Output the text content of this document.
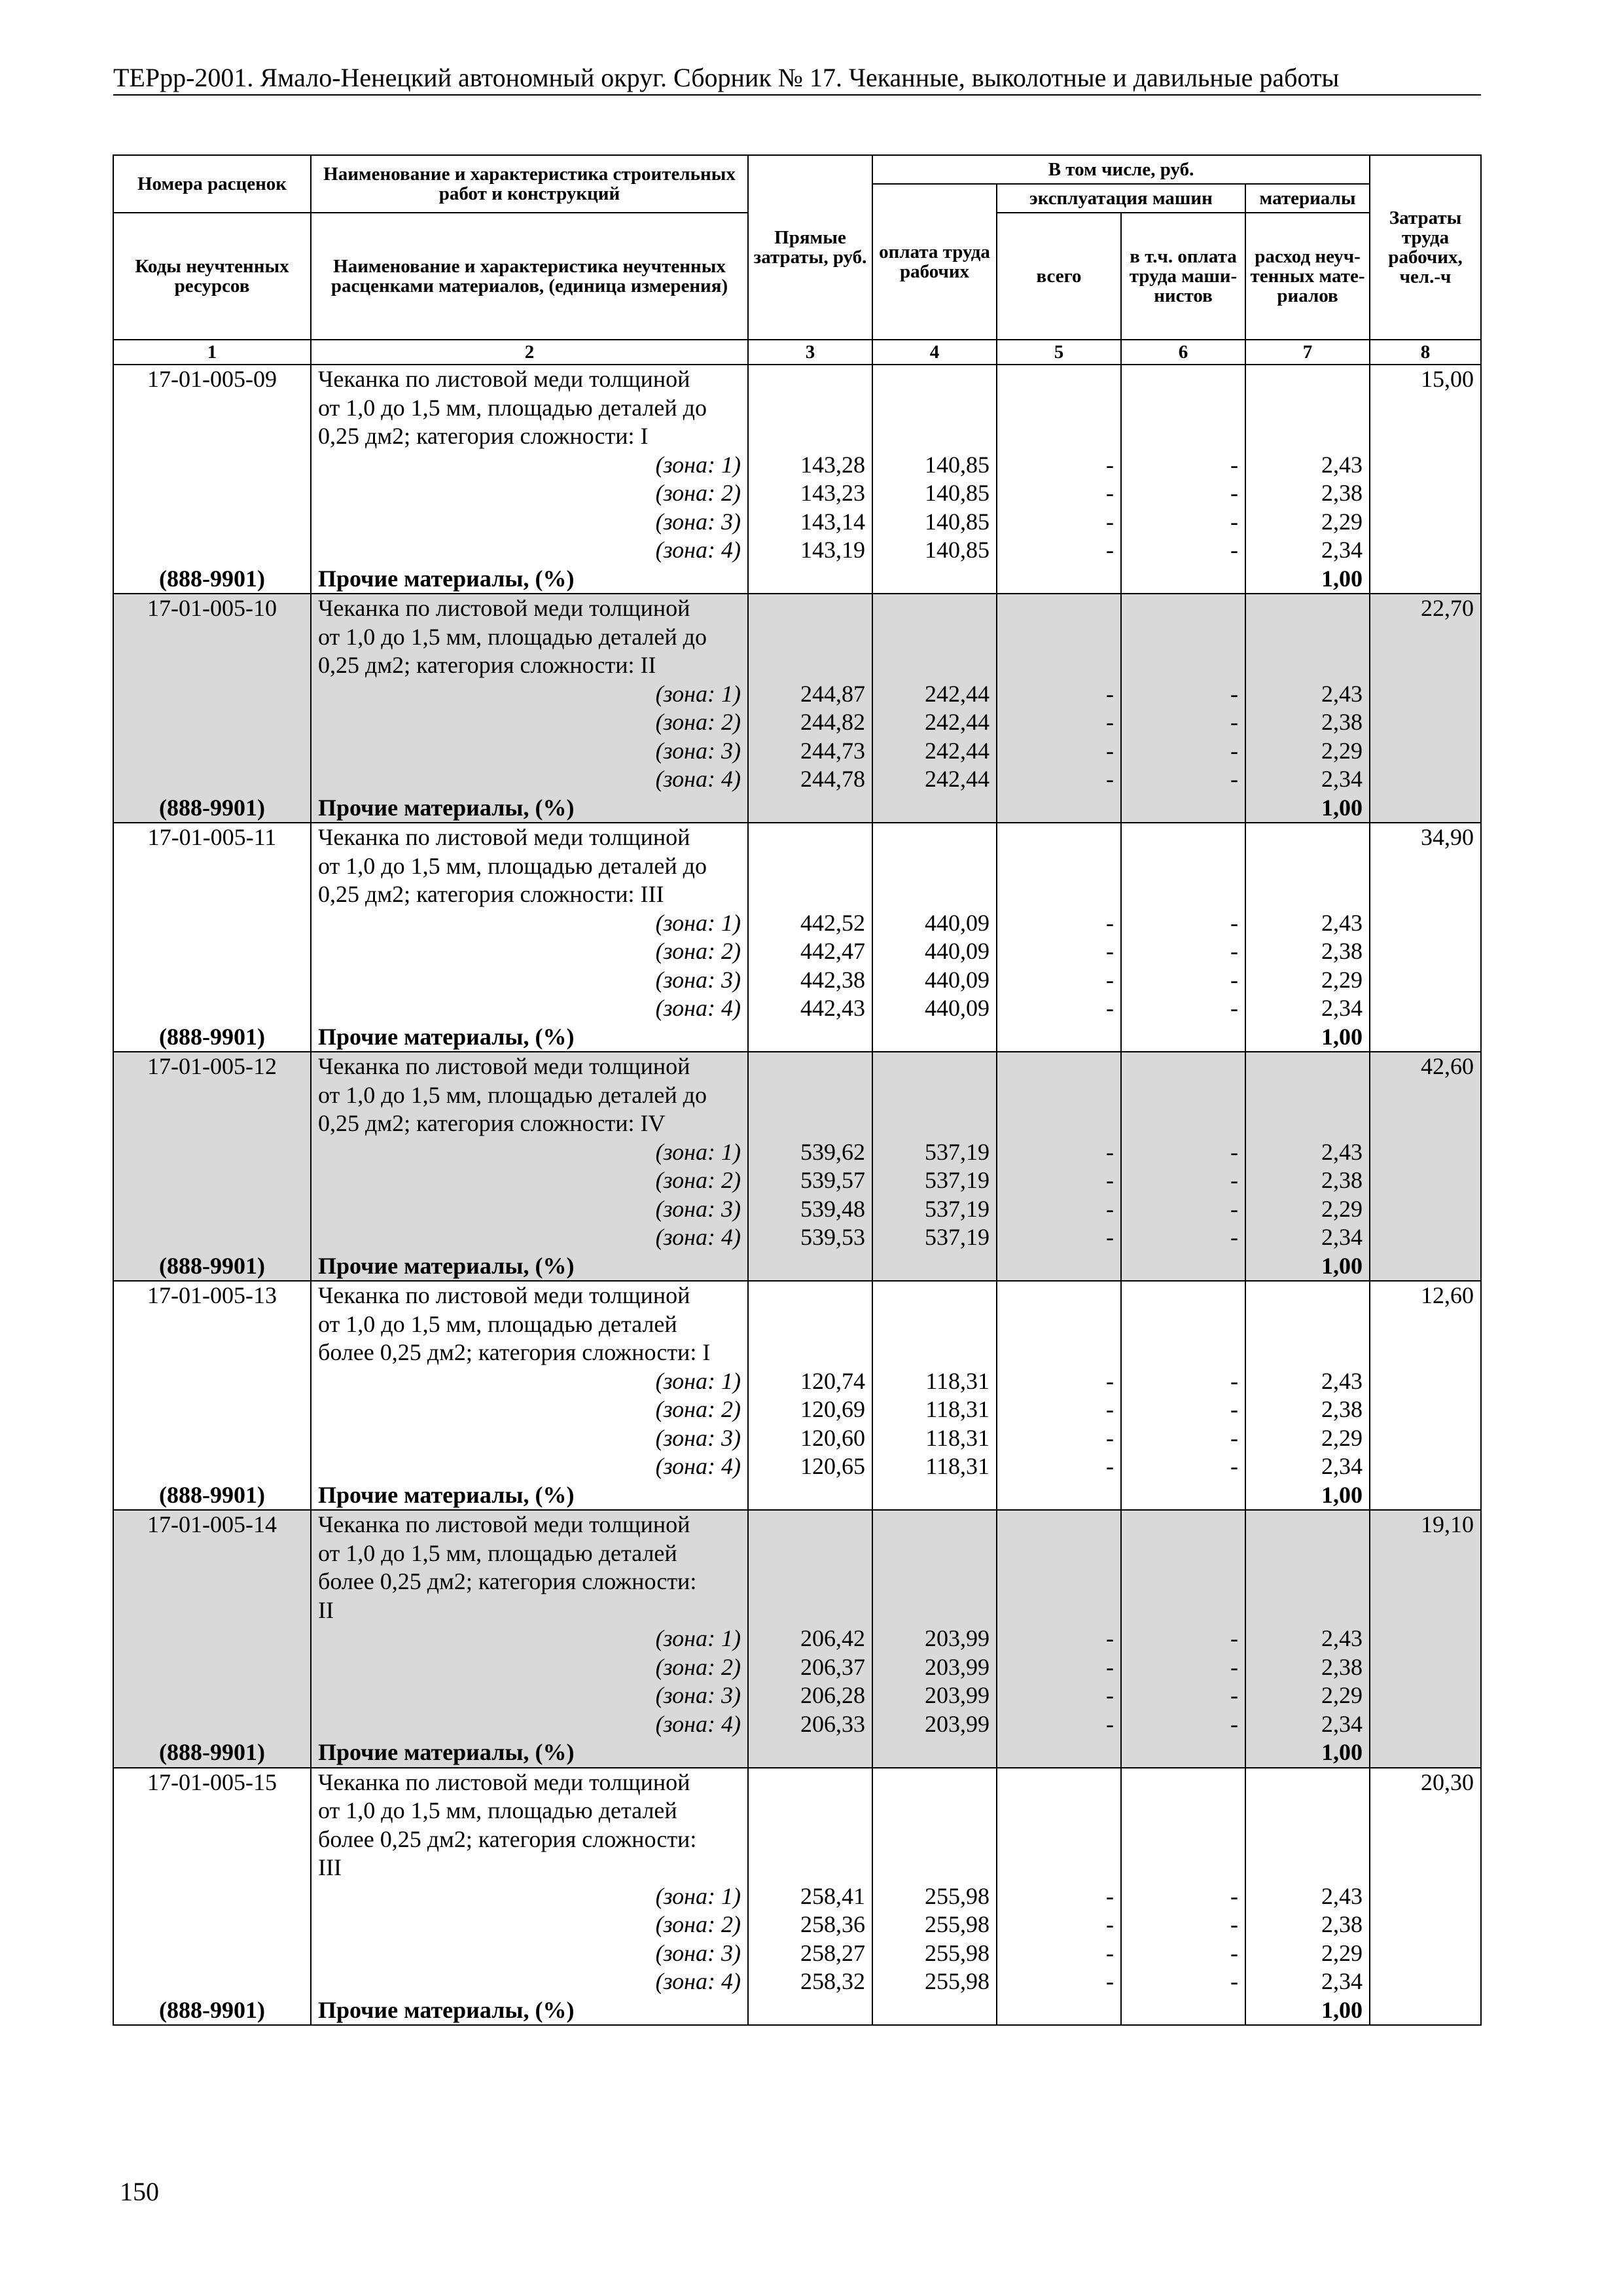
ТЕРрр-2001. Ямало-Ненецкий автономный округ. Сборник № 17. Чеканные, выколотные и давильные работы
Номера расценок	Наименование и характеристика строительных работ и конструкций	Прямые затраты, руб.	В том числе, руб.				Затраты труда рабочих, чел.-ч
			оплата труда рабочих	эксплуатация машин		материалы	
Коды неучтенных ресурсов	Наименование и характеристика неучтенных расценками материалов, (единица измерения)			всего	в т.ч. оплата труда маши-нистов	расход неуч-тенных мате-риалов	
1	2	3	4	5	6	7	8
17-01-005-09	Чеканка по листовой меди толщиной						15,00
	от 1,0 до 1,5 мм, площадью деталей до						
	0,25 дм2; категория сложности: I						
	(зона: 1)	143,28	140,85	-	-	2,43	
	(зона: 2)	143,23	140,85	-	-	2,38	
	(зона: 3)	143,14	140,85	-	-	2,29	
	(зона: 4)	143,19	140,85	-	-	2,34	
(888-9901)	Прочие материалы, (%)					1,00	
17-01-005-10	Чеканка по листовой меди толщиной						22,70
	от 1,0 до 1,5 мм, площадью деталей до						
	0,25 дм2; категория сложности: II						
	(зона: 1)	244,87	242,44	-	-	2,43	
	(зона: 2)	244,82	242,44	-	-	2,38	
	(зона: 3)	244,73	242,44	-	-	2,29	
	(зона: 4)	244,78	242,44	-	-	2,34	
(888-9901)	Прочие материалы, (%)					1,00	
17-01-005-11	Чеканка по листовой меди толщиной						34,90
	от 1,0 до 1,5 мм, площадью деталей до						
	0,25 дм2; категория сложности: III						
	(зона: 1)	442,52	440,09	-	-	2,43	
	(зона: 2)	442,47	440,09	-	-	2,38	
	(зона: 3)	442,38	440,09	-	-	2,29	
	(зона: 4)	442,43	440,09	-	-	2,34	
(888-9901)	Прочие материалы, (%)					1,00	
17-01-005-12	Чеканка по листовой меди толщиной						42,60
	от 1,0 до 1,5 мм, площадью деталей до						
	0,25 дм2; категория сложности: IV						
	(зона: 1)	539,62	537,19	-	-	2,43	
	(зона: 2)	539,57	537,19	-	-	2,38	
	(зона: 3)	539,48	537,19	-	-	2,29	
	(зона: 4)	539,53	537,19	-	-	2,34	
(888-9901)	Прочие материалы, (%)					1,00	
17-01-005-13	Чеканка по листовой меди толщиной						12,60
	от 1,0 до 1,5 мм, площадью деталей						
	более 0,25 дм2; категория сложности: I						
	(зона: 1)	120,74	118,31	-	-	2,43	
	(зона: 2)	120,69	118,31	-	-	2,38	
	(зона: 3)	120,60	118,31	-	-	2,29	
	(зона: 4)	120,65	118,31	-	-	2,34	
(888-9901)	Прочие материалы, (%)					1,00	
17-01-005-14	Чеканка по листовой меди толщиной						19,10
	от 1,0 до 1,5 мм, площадью деталей						
	более 0,25 дм2; категория сложности:						
	II						
	(зона: 1)	206,42	203,99	-	-	2,43	
	(зона: 2)	206,37	203,99	-	-	2,38	
	(зона: 3)	206,28	203,99	-	-	2,29	
	(зона: 4)	206,33	203,99	-	-	2,34	
(888-9901)	Прочие материалы, (%)					1,00	
17-01-005-15	Чеканка по листовой меди толщиной						20,30
	от 1,0 до 1,5 мм, площадью деталей						
	более 0,25 дм2; категория сложности:						
	III						
	(зона: 1)	258,41	255,98	-	-	2,43	
	(зона: 2)	258,36	255,98	-	-	2,38	
	(зона: 3)	258,27	255,98	-	-	2,29	
	(зона: 4)	258,32	255,98	-	-	2,34	
(888-9901)	Прочие материалы, (%)					1,00	
150
